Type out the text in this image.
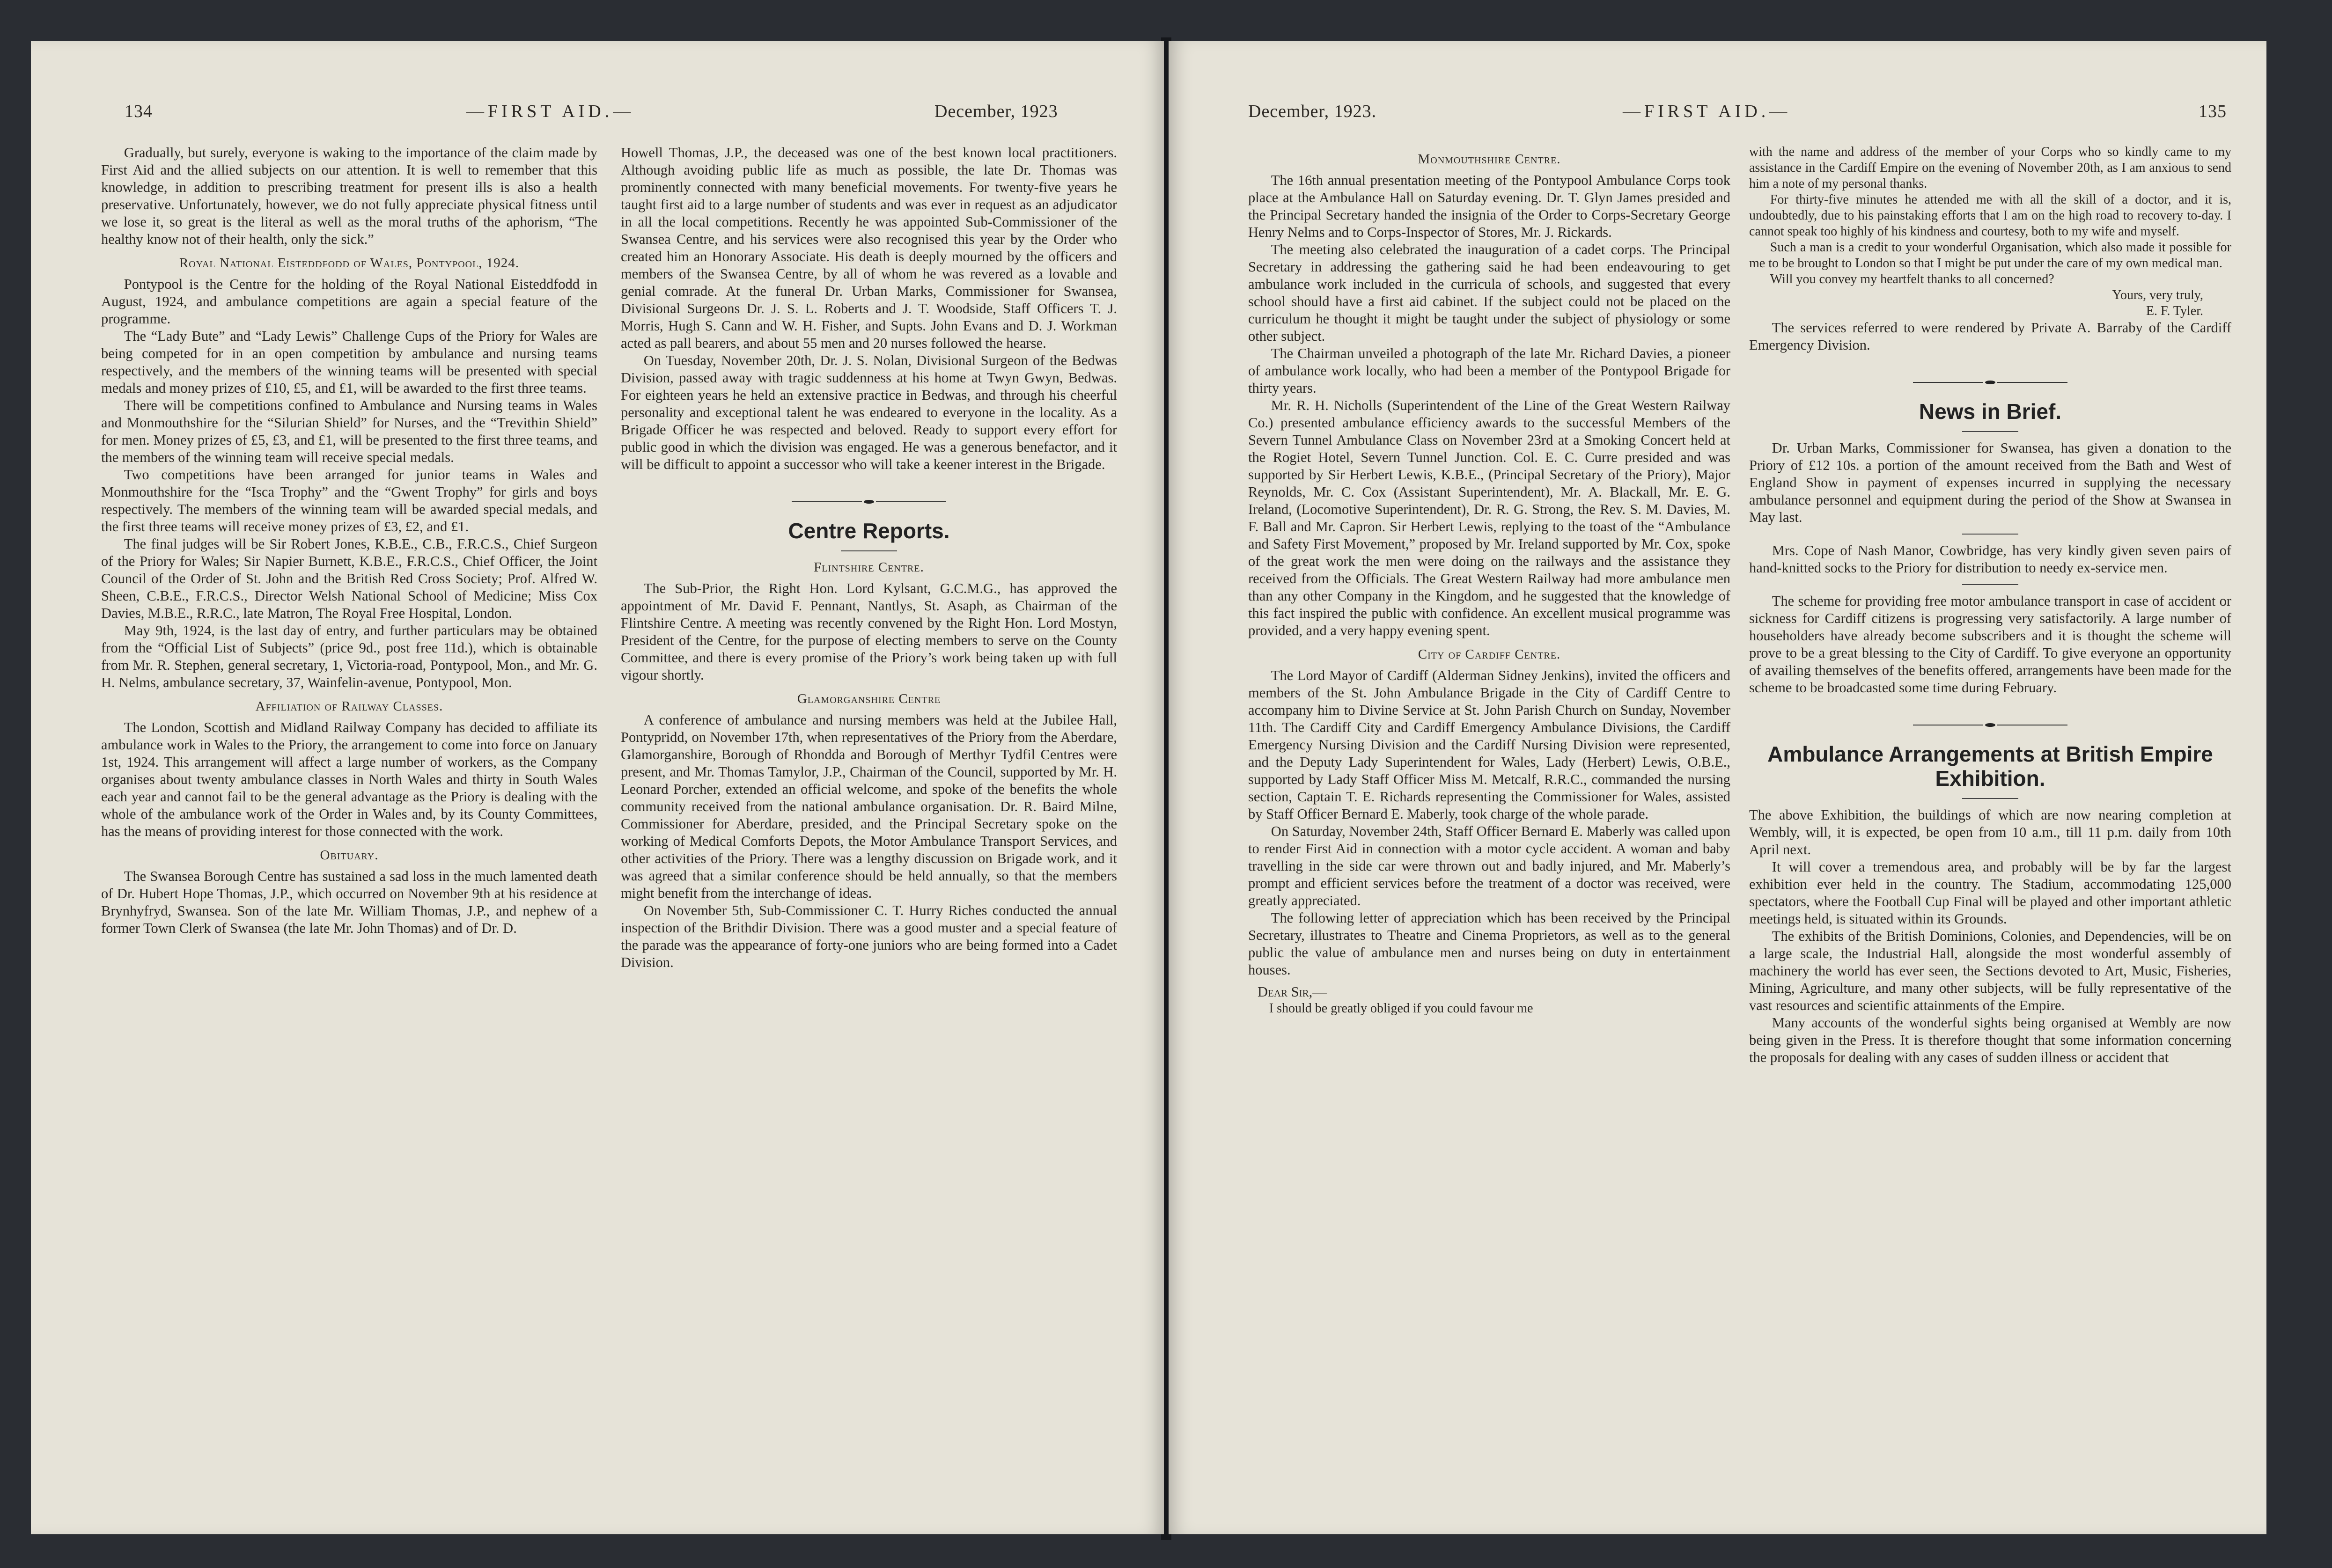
134	—FIRST AID.—	December, 1923

Gradually, but surely, everyone is waking to the importance of the claim made by First Aid and the allied subjects on our attention. It is well to remember that this knowledge, in addition to prescribing treatment for present ills is also a health preservative. Unfortunately, however, we do not fully appreciate physical fitness until we lose it, so great is the literal as well as the moral truths of the aphorism, “The healthy know not of their health, only the sick.”

Royal National Eisteddfodd of Wales, Pontypool, 1924.

Pontypool is the Centre for the holding of the Royal National Eisteddfodd in August, 1924, and ambulance competitions are again a special feature of the programme.

The “Lady Bute” and “Lady Lewis” Challenge Cups of the Priory for Wales are being competed for in an open competition by ambulance and nursing teams respectively, and the members of the winning teams will be presented with special medals and money prizes of £10, £5, and £1, will be awarded to the first three teams.

There will be competitions confined to Ambulance and Nursing teams in Wales and Monmouthshire for the “Silurian Shield” for Nurses, and the “Trevithin Shield” for men. Money prizes of £5, £3, and £1, will be presented to the first three teams, and the members of the winning team will receive special medals.

Two competitions have been arranged for junior teams in Wales and Monmouthshire for the “Isca Trophy” and the “Gwent Trophy” for girls and boys respectively. The members of the winning team will be awarded special medals, and the first three teams will receive money prizes of £3, £2, and £1.

The final judges will be Sir Robert Jones, K.B.E., C.B., F.R.C.S., Chief Surgeon of the Priory for Wales; Sir Napier Burnett, K.B.E., F.R.C.S., Chief Officer, the Joint Council of the Order of St. John and the British Red Cross Society; Prof. Alfred W. Sheen, C.B.E., F.R.C.S., Director Welsh National School of Medicine; Miss Cox Davies, M.B.E., R.R.C., late Matron, The Royal Free Hospital, London.

May 9th, 1924, is the last day of entry, and further particulars may be obtained from the “Official List of Subjects” (price 9d., post free 11d.), which is obtainable from Mr. R. Stephen, general secretary, 1, Victoria-road, Pontypool, Mon., and Mr. G. H. Nelms, ambulance secretary, 37, Wainfelin-avenue, Pontypool, Mon.

Affiliation of Railway Classes.

The London, Scottish and Midland Railway Company has decided to affiliate its ambulance work in Wales to the Priory, the arrangement to come into force on January 1st, 1924. This arrangement will affect a large number of workers, as the Company organises about twenty ambulance classes in North Wales and thirty in South Wales each year and cannot fail to be the general advantage as the Priory is dealing with the whole of the ambulance work of the Order in Wales and, by its County Committees, has the means of providing interest for those connected with the work.

Obituary.

The Swansea Borough Centre has sustained a sad loss in the much lamented death of Dr. Hubert Hope Thomas, J.P., which occurred on November 9th at his residence at Brynhyfryd, Swansea. Son of the late Mr. William Thomas, J.P., and nephew of a former Town Clerk of Swansea (the late Mr. John Thomas) and of Dr. D.

Howell Thomas, J.P., the deceased was one of the best known local practitioners. Although avoiding public life as much as possible, the late Dr. Thomas was prominently connected with many beneficial movements. For twenty-five years he taught first aid to a large number of students and was ever in request as an adjudicator in all the local competitions. Recently he was appointed Sub-Commissioner of the Swansea Centre, and his services were also recognised this year by the Order who created him an Honorary Associate. His death is deeply mourned by the officers and members of the Swansea Centre, by all of whom he was revered as a lovable and genial comrade. At the funeral Dr. Urban Marks, Commissioner for Swansea, Divisional Surgeons Dr. J. S. L. Roberts and J. T. Woodside, Staff Officers T. J. Morris, Hugh S. Cann and W. H. Fisher, and Supts. John Evans and D. J. Workman acted as pall bearers, and about 55 men and 20 nurses followed the hearse.

On Tuesday, November 20th, Dr. J. S. Nolan, Divisional Surgeon of the Bedwas Division, passed away with tragic suddenness at his home at Twyn Gwyn, Bedwas. For eighteen years he held an extensive practice in Bedwas, and through his cheerful personality and exceptional talent he was endeared to everyone in the locality. As a Brigade Officer he was respected and beloved. Ready to support every effort for public good in which the division was engaged. He was a generous benefactor, and it will be difficult to appoint a successor who will take a keener interest in the Brigade.

Centre Reports.
Flintshire Centre.

The Sub-Prior, the Right Hon. Lord Kylsant, G.C.M.G., has approved the appointment of Mr. David F. Pennant, Nantlys, St. Asaph, as Chairman of the Flintshire Centre. A meeting was recently convened by the Right Hon. Lord Mostyn, President of the Centre, for the purpose of electing members to serve on the County Committee, and there is every promise of the Priory’s work being taken up with full vigour shortly.

Glamorganshire Centre

A conference of ambulance and nursing members was held at the Jubilee Hall, Pontypridd, on November 17th, when representatives of the Priory from the Aberdare, Glamorganshire, Borough of Rhondda and Borough of Merthyr Tydfil Centres were present, and Mr. Thomas Tamylor, J.P., Chairman of the Council, supported by Mr. H. Leonard Porcher, extended an official welcome, and spoke of the benefits the whole community received from the national ambulance organisation. Dr. R. Baird Milne, Commissioner for Aberdare, presided, and the Principal Secretary spoke on the working of Medical Comforts Depots, the Motor Ambulance Transport Services, and other activities of the Priory. There was a lengthy discussion on Brigade work, and it was agreed that a similar conference should be held annually, so that the members might benefit from the interchange of ideas.

On November 5th, Sub-Commissioner C. T. Hurry Riches conducted the annual inspection of the Brithdir Division. There was a good muster and a special feature of the parade was the appearance of forty-one juniors who are being formed into a Cadet Division.

December, 1923.	—FIRST AID.—	135
Monmouthshire Centre.

The 16th annual presentation meeting of the Pontypool Ambulance Corps took place at the Ambulance Hall on Saturday evening. Dr. T. Glyn James presided and the Principal Secretary handed the insignia of the Order to Corps-Secretary George Henry Nelms and to Corps-Inspector of Stores, Mr. J. Rickards.

The meeting also celebrated the inauguration of a cadet corps. The Principal Secretary in addressing the gathering said he had been endeavouring to get ambulance work included in the curricula of schools, and suggested that every school should have a first aid cabinet. If the subject could not be placed on the curriculum he thought it might be taught under the subject of physiology or some other subject.

The Chairman unveiled a photograph of the late Mr. Richard Davies, a pioneer of ambulance work locally, who had been a member of the Pontypool Brigade for thirty years.

Mr. R. H. Nicholls (Superintendent of the Line of the Great Western Railway Co.) presented ambulance efficiency awards to the successful Members of the Severn Tunnel Ambulance Class on November 23rd at a Smoking Concert held at the Rogiet Hotel, Severn Tunnel Junction. Col. E. C. Curre presided and was supported by Sir Herbert Lewis, K.B.E., (Principal Secretary of the Priory), Major Reynolds, Mr. C. Cox (Assistant Superintendent), Mr. A. Blackall, Mr. E. G. Ireland, (Locomotive Superintendent), Dr. R. G. Strong, the Rev. S. M. Davies, M. F. Ball and Mr. Capron. Sir Herbert Lewis, replying to the toast of the “Ambulance and Safety First Movement,” proposed by Mr. Ireland supported by Mr. Cox, spoke of the great work the men were doing on the railways and the assistance they received from the Officials. The Great Western Railway had more ambulance men than any other Company in the Kingdom, and he suggested that the knowledge of this fact inspired the public with confidence. An excellent musical programme was provided, and a very happy evening spent.

City of Cardiff Centre.

The Lord Mayor of Cardiff (Alderman Sidney Jenkins), invited the officers and members of the St. John Ambulance Brigade in the City of Cardiff Centre to accompany him to Divine Service at St. John Parish Church on Sunday, November 11th. The Cardiff City and Cardiff Emergency Ambulance Divisions, the Cardiff Emergency Nursing Division and the Cardiff Nursing Division were represented, and the Deputy Lady Superintendent for Wales, Lady (Herbert) Lewis, O.B.E., supported by Lady Staff Officer Miss M. Metcalf, R.R.C., commanded the nursing section, Captain T. E. Richards representing the Commissioner for Wales, assisted by Staff Officer Bernard E. Maberly, took charge of the whole parade.

On Saturday, November 24th, Staff Officer Bernard E. Maberly was called upon to render First Aid in connection with a motor cycle accident. A woman and baby travelling in the side car were thrown out and badly injured, and Mr. Maberly’s prompt and efficient services before the treatment of a doctor was received, were greatly appreciated.

The following letter of appreciation which has been received by the Principal Secretary, illustrates to Theatre and Cinema Proprietors, as well as to the general public the value of ambulance men and nurses being on duty in entertainment houses.

Dear Sir,—

I should be greatly obliged if you could favour me

with the name and address of the member of your Corps who so kindly came to my assistance in the Cardiff Empire on the evening of November 20th, as I am anxious to send him a note of my personal thanks.

For thirty-five minutes he attended me with all the skill of a doctor, and it is, undoubtedly, due to his painstaking efforts that I am on the high road to recovery to-day. I cannot speak too highly of his kindness and courtesy, both to my wife and myself.

Such a man is a credit to your wonderful Organisation, which also made it possible for me to be brought to London so that I might be put under the care of my own medical man.

Will you convey my heartfelt thanks to all concerned?

Yours, very truly,

E. F. Tyler.

The services referred to were rendered by Private A. Barraby of the Cardiff Emergency Division.

News in Brief.

Dr. Urban Marks, Commissioner for Swansea, has given a donation to the Priory of £12 10s. a portion of the amount received from the Bath and West of England Show in payment of expenses incurred in supplying the necessary ambulance personnel and equipment during the period of the Show at Swansea in May last.

Mrs. Cope of Nash Manor, Cowbridge, has very kindly given seven pairs of hand-knitted socks to the Priory for distribution to needy ex-service men.

The scheme for providing free motor ambulance transport in case of accident or sickness for Cardiff citizens is progressing very satisfactorily. A large number of householders have already become subscribers and it is thought the scheme will prove to be a great blessing to the City of Cardiff. To give everyone an opportunity of availing themselves of the benefits offered, arrangements have been made for the scheme to be broadcasted some time during February.

Ambulance Arrangements at British Empire Exhibition.

The above Exhibition, the buildings of which are now nearing completion at Wembly, will, it is expected, be open from 10 a.m., till 11 p.m. daily from 10th April next.

It will cover a tremendous area, and probably will be by far the largest exhibition ever held in the country. The Stadium, accommodating 125,000 spectators, where the Football Cup Final will be played and other important athletic meetings held, is situated within its Grounds.

The exhibits of the British Dominions, Colonies, and Dependencies, will be on a large scale, the Industrial Hall, alongside the most wonderful assembly of machinery the world has ever seen, the Sections devoted to Art, Music, Fisheries, Mining, Agriculture, and many other subjects, will be fully representative of the vast resources and scientific attainments of the Empire.

Many accounts of the wonderful sights being organised at Wembly are now being given in the Press. It is therefore thought that some information concerning the proposals for dealing with any cases of sudden illness or accident that
